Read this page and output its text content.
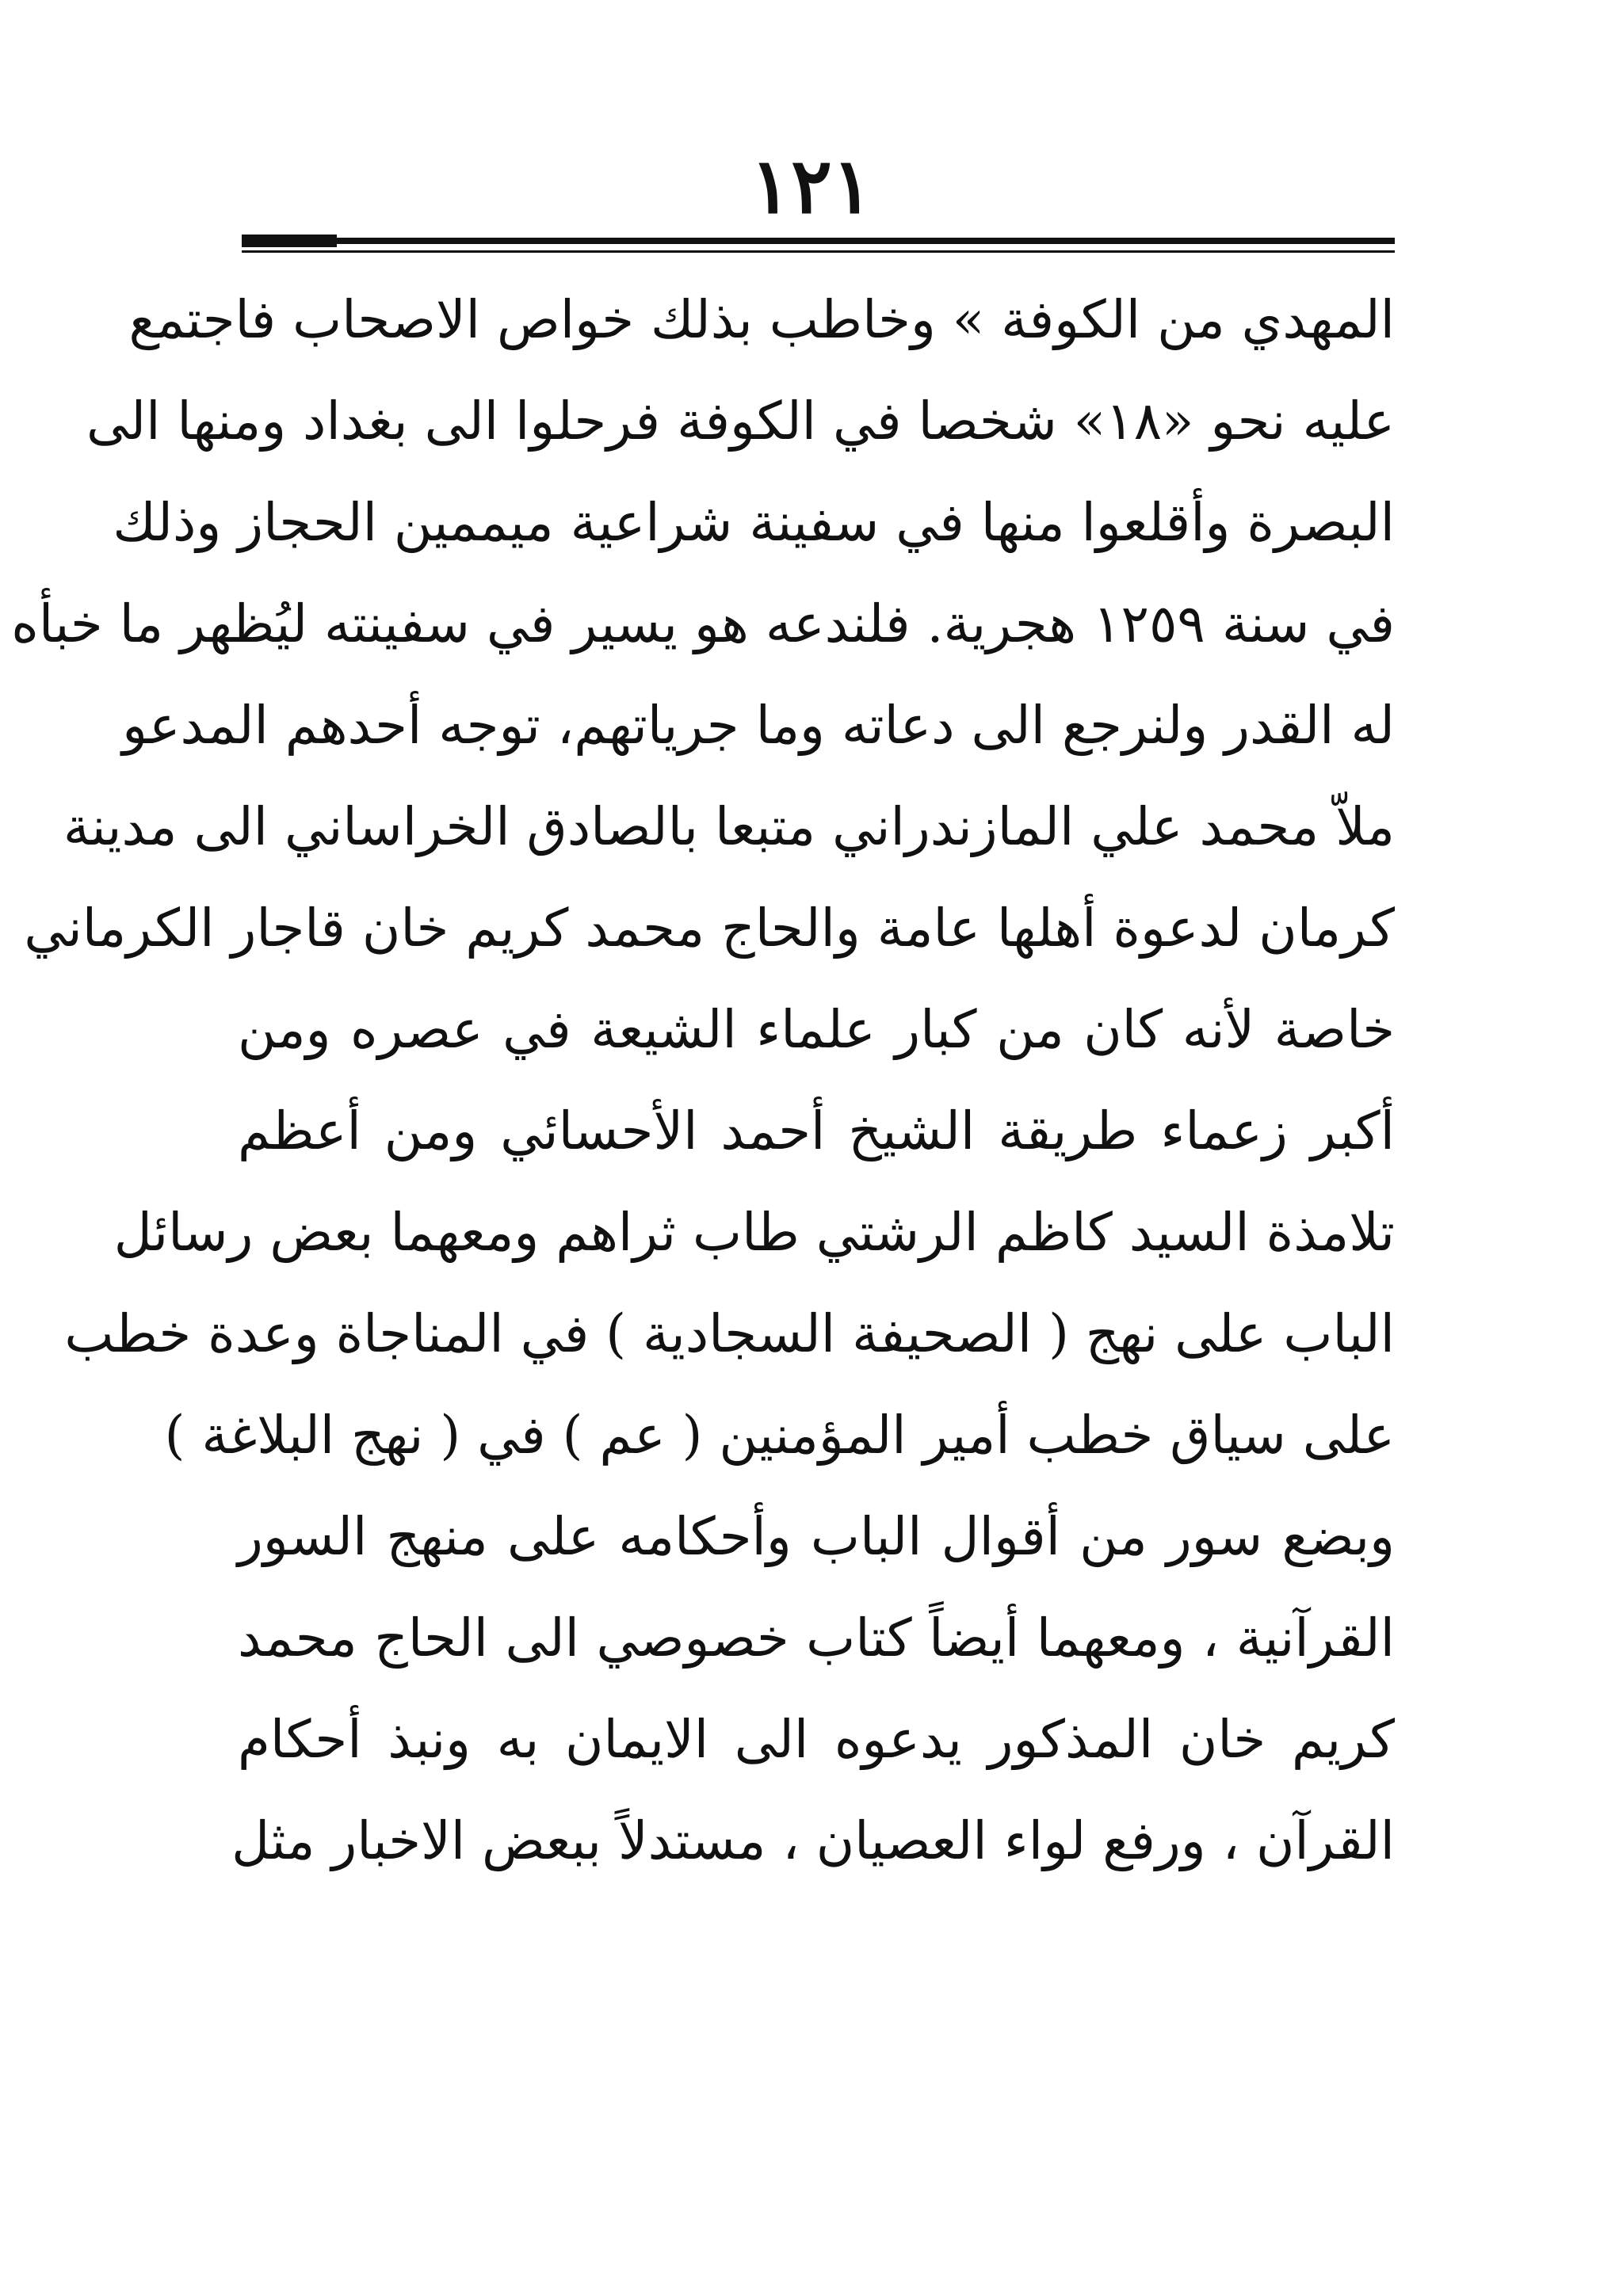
١٢١
المهدي من الكوفة » وخاطب بذلك خواص الاصحاب فاجتمع
عليه نحو «١٨» شخصا في الكوفة فرحلوا الى بغداد ومنها الى
البصرة وأقلعوا منها في سفينة شراعية ميممين الحجاز وذلك
في سنة ١٢٥٩ هجرية. فلندعه هو يسير في سفينته ليُظهر ما خبأه
له القدر ولنرجع الى دعاته وما جرياتهم، توجه أحدهم المدعو
ملاّ محمد علي المازندراني متبعا بالصادق الخراساني الى مدينة
كرمان لدعوة أهلها عامة والحاج محمد كريم خان قاجار الكرماني
خاصة لأنه كان من كبار علماء الشيعة في عصره ومن
أكبر زعماء طريقة الشيخ أحمد الأحسائي ومن أعظم
تلامذة السيد كاظم الرشتي طاب ثراهم ومعهما بعض رسائل
الباب على نهج ( الصحيفة السجادية ) في المناجاة وعدة خطب
على سياق خطب أمير المؤمنين ( عم ) في ( نهج البلاغة )
وبضع سور من أقوال الباب وأحكامه على منهج السور
القرآنية ، ومعهما أيضاً كتاب خصوصي الى الحاج محمد
كريم خان المذكور يدعوه الى الايمان به ونبذ أحكام
القرآن ، ورفع لواء العصيان ، مستدلاً ببعض الاخبار مثل
